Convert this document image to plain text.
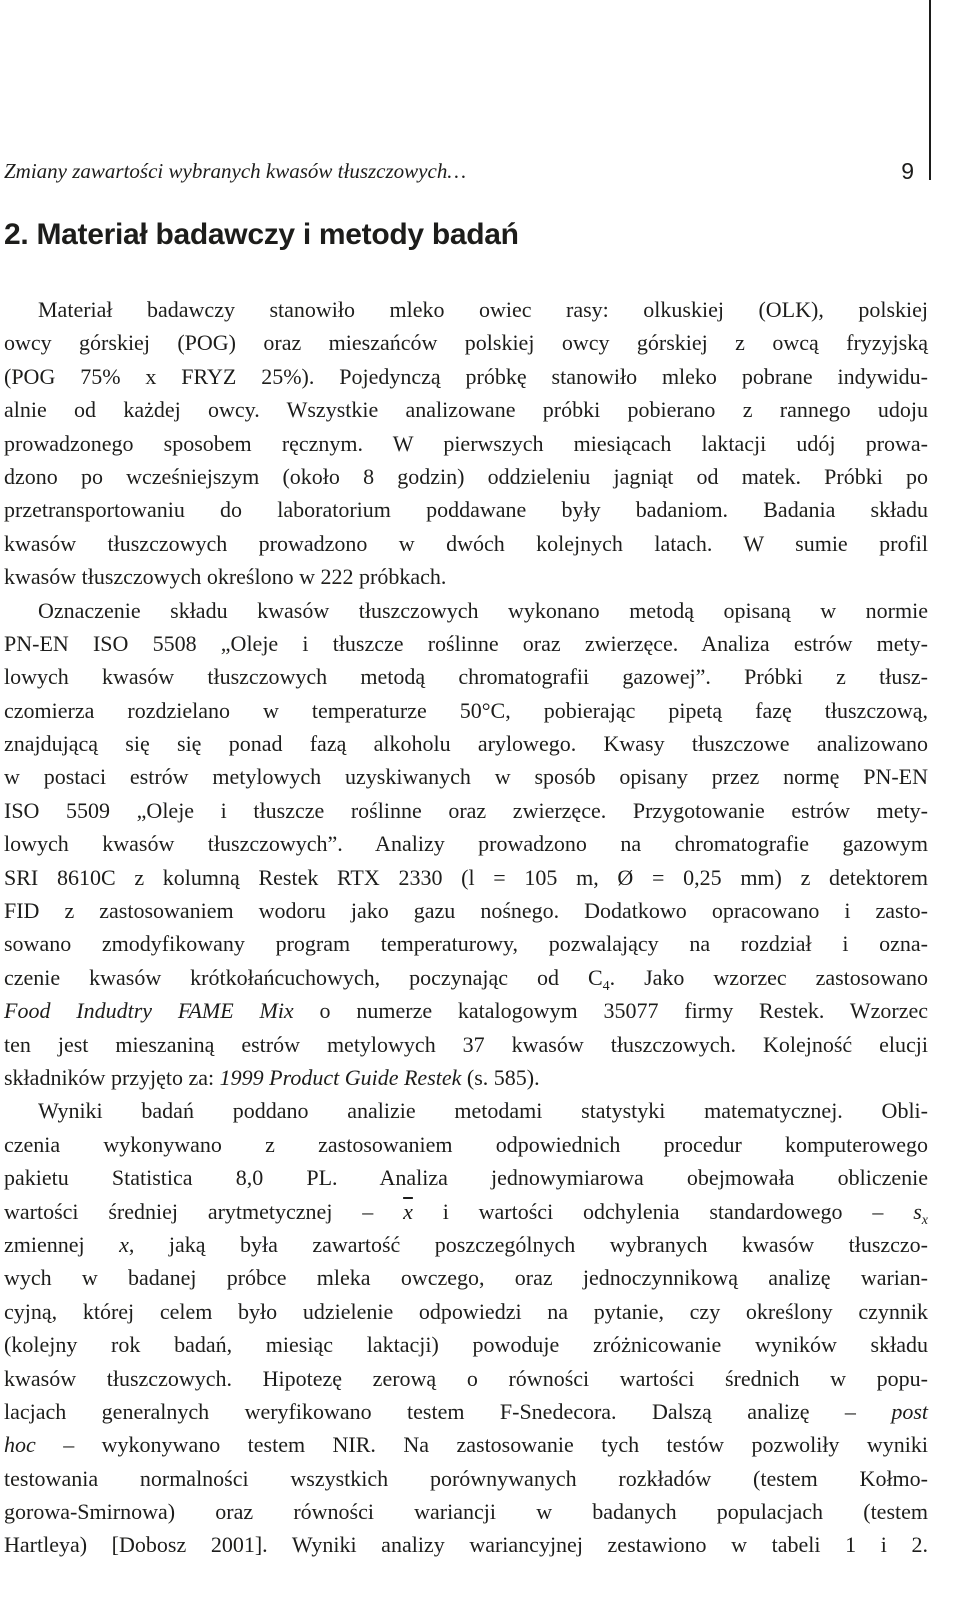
Zmiany zawartości wybranych kwasów tłuszczowych…	9
2. Materiał badawczy i metody badań
Materiał badawczy stanowiło mleko owiec rasy: olkuskiej (OLK), polskiej
owcy górskiej (POG) oraz mieszańców polskiej owcy górskiej z owcą fryzyjską
(POG 75% x FRYZ 25%). Pojedynczą próbkę stanowiło mleko pobrane indywidu-
alnie od każdej owcy. Wszystkie analizowane próbki pobierano z rannego udoju
prowadzonego sposobem ręcznym. W pierwszych miesiącach laktacji udój prowa-
dzono po wcześniejszym (około 8 godzin) oddzieleniu jagniąt od matek. Próbki po
przetransportowaniu do laboratorium poddawane były badaniom. Badania składu
kwasów tłuszczowych prowadzono w dwóch kolejnych latach. W sumie profil
kwasów tłuszczowych określono w 222 próbkach.
Oznaczenie składu kwasów tłuszczowych wykonano metodą opisaną w normie
PN-EN ISO 5508 „Oleje i tłuszcze roślinne oraz zwierzęce. Analiza estrów mety-
lowych kwasów tłuszczowych metodą chromatografii gazowej”. Próbki z tłusz-
czomierza rozdzielano w temperaturze 50°C, pobierając pipetą fazę tłuszczową,
znajdującą się się ponad fazą alkoholu arylowego. Kwasy tłuszczowe analizowano
w postaci estrów metylowych uzyskiwanych w sposób opisany przez normę PN-EN
ISO 5509 „Oleje i tłuszcze roślinne oraz zwierzęce. Przygotowanie estrów mety-
lowych kwasów tłuszczowych”. Analizy prowadzono na chromatografie gazowym
SRI 8610C z kolumną Restek RTX 2330 (l = 105 m, Ø = 0,25 mm) z detektorem
FID z zastosowaniem wodoru jako gazu nośnego. Dodatkowo opracowano i zasto-
sowano zmodyfikowany program temperaturowy, pozwalający na rozdział i ozna-
czenie kwasów krótkołańcuchowych, poczynając od $C_4$. Jako wzorzec zastosowano
Food Indudtry FAME Mix o numerze katalogowym 35077 firmy Restek. Wzorzec
ten jest mieszaniną estrów metylowych 37 kwasów tłuszczowych. Kolejność elucji
składników przyjęto za: 1999 Product Guide Restek (s. 585).
Wyniki badań poddano analizie metodami statystyki matematycznej. Obli-
czenia wykonywano z zastosowaniem odpowiednich procedur komputerowego
pakietu Statistica 8,0 PL. Analiza jednowymiarowa obejmowała obliczenie
wartości średniej arytmetycznej – $\overline{x}$ i wartości odchylenia standardowego – $s_x$
zmiennej x, jaką była zawartość poszczególnych wybranych kwasów tłuszczo-
wych w badanej próbce mleka owczego, oraz jednoczynnikową analizę warian-
cyjną, której celem było udzielenie odpowiedzi na pytanie, czy określony czynnik
(kolejny rok badań, miesiąc laktacji) powoduje zróżnicowanie wyników składu
kwasów tłuszczowych. Hipotezę zerową o równości wartości średnich w popu-
lacjach generalnych weryfikowano testem F-Snedecora. Dalszą analizę – post
hoc – wykonywano testem NIR. Na zastosowanie tych testów pozwoliły wyniki
testowania normalności wszystkich porównywanych rozkładów (testem Kołmo-
gorowa-Smirnowa) oraz równości wariancji w badanych populacjach (testem
Hartleya) [Dobosz 2001]. Wyniki analizy wariancyjnej zestawiono w tabeli 1 i 2.
